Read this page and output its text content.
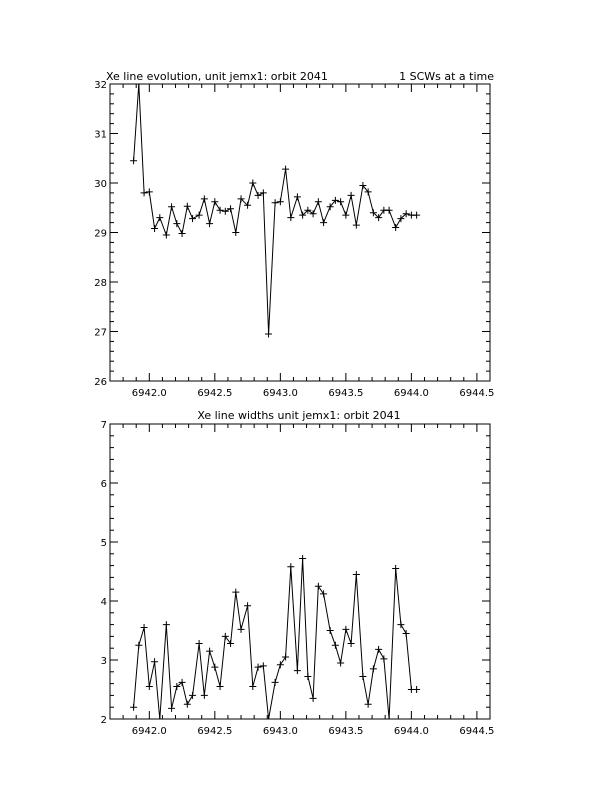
Xe line evolution, unit jemx1: orbit 2041	1 SCWs at a time
6942.0	6942.5	6943.0	6943.5	6944.0	6944.5
26
27
28
29
30
31
32
Xe line widths unit jemx1: orbit 2041
6942.0	6942.5	6943.0	6943.5	6944.0	6944.5
2
3
4
5
6
7
